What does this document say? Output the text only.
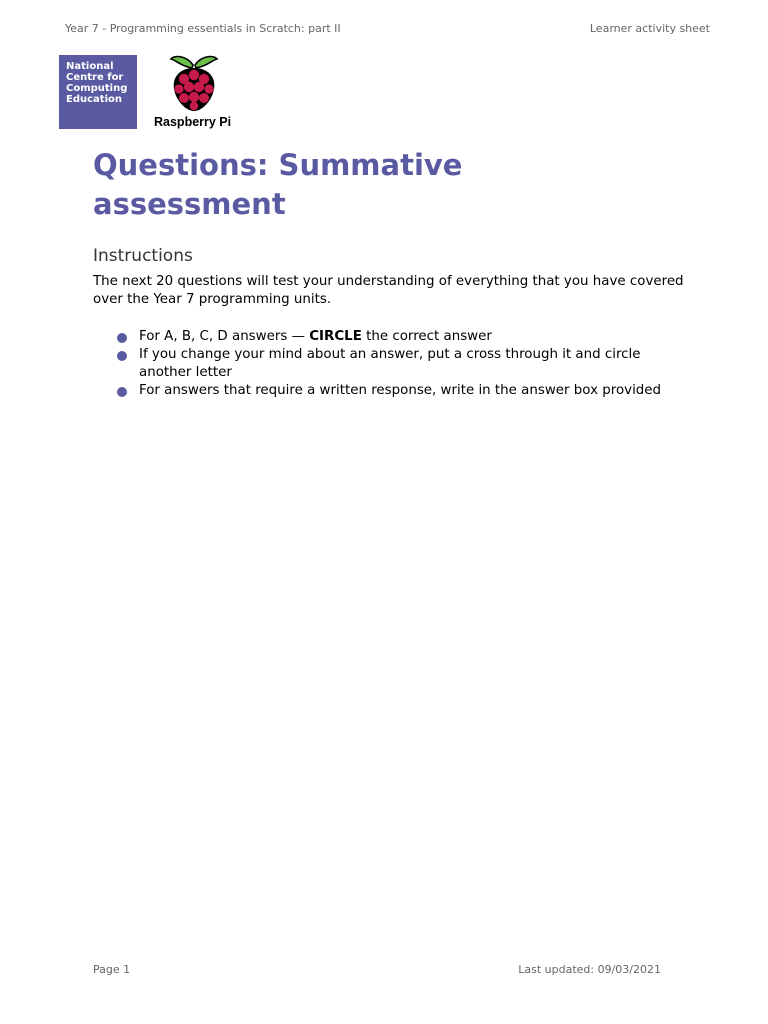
Year 7 - Programming essentials in Scratch: part II	Learner activity sheet
National
Centre for
Computing
Education
Raspberry Pi
Questions: Summative assessment
Instructions

The next 20 questions will test your understanding of everything that you have covered over the Year 7 programming units.

For A, B, C, D answers — CIRCLE the correct answer
If you change your mind about an answer, put a cross through it and circle another letter
For answers that require a written response, write in the answer box provided
Page 1	Last updated: 09/03/2021
